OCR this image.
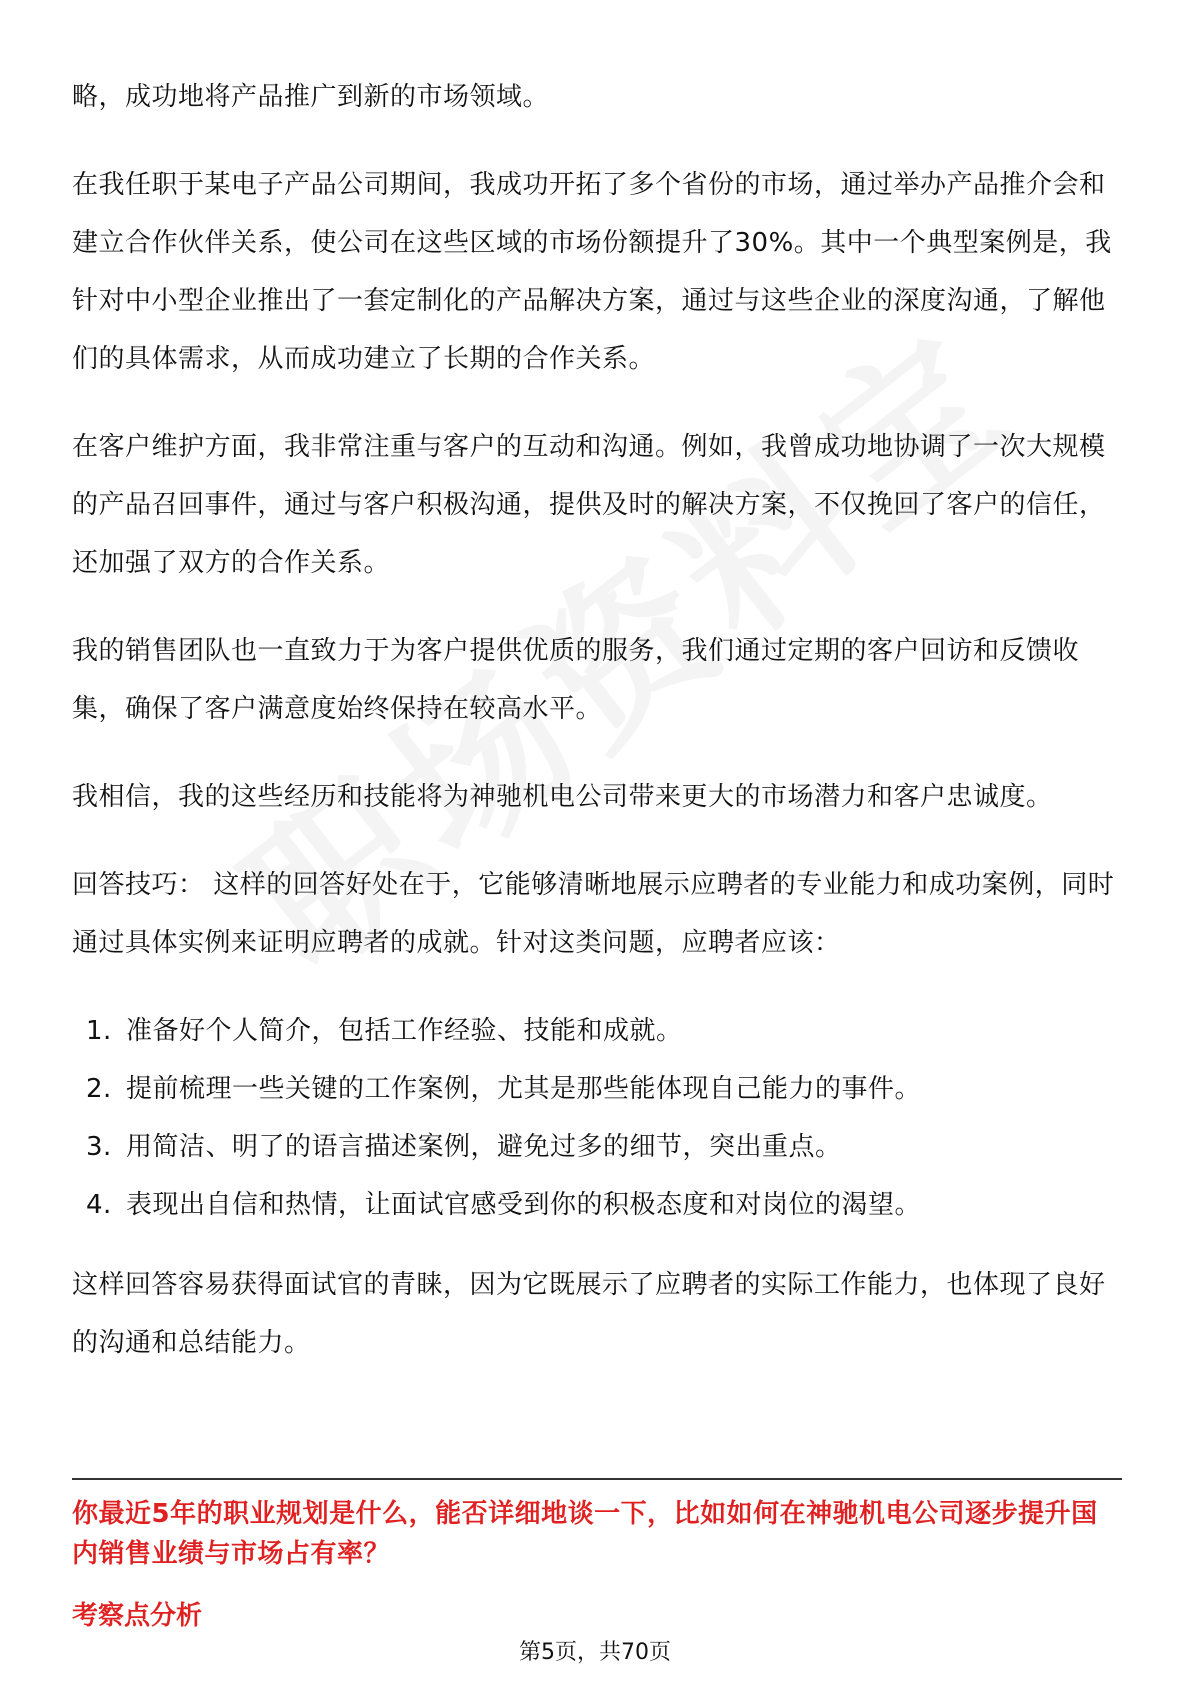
略，成功地将产品推广到新的市场领域。

在我任职于某电子产品公司期间，我成功开拓了多个省份的市场，通过举办产品推介会和建立合作伙伴关系，使公司在这些区域的市场份额提升了30%。其中一个典型案例是，我针对中小型企业推出了一套定制化的产品解决方案，通过与这些企业的深度沟通，了解他们的具体需求，从而成功建立了长期的合作关系。

在客户维护方面，我非常注重与客户的互动和沟通。例如，我曾成功地协调了一次大规模的产品召回事件，通过与客户积极沟通，提供及时的解决方案，不仅挽回了客户的信任，还加强了双方的合作关系。

我的销售团队也一直致力于为客户提供优质的服务，我们通过定期的客户回访和反馈收集，确保了客户满意度始终保持在较高水平。

我相信，我的这些经历和技能将为神驰机电公司带来更大的市场潜力和客户忠诚度。

回答技巧： 这样的回答好处在于，它能够清晰地展示应聘者的专业能力和成功案例，同时通过具体实例来证明应聘者的成就。针对这类问题，应聘者应该：

1. 准备好个人简介，包括工作经验、技能和成就。
2. 提前梳理一些关键的工作案例，尤其是那些能体现自己能力的事件。
3. 用简洁、明了的语言描述案例，避免过多的细节，突出重点。
4. 表现出自信和热情，让面试官感受到你的积极态度和对岗位的渴望。

这样回答容易获得面试官的青睐，因为它既展示了应聘者的实际工作能力，也体现了良好的沟通和总结能力。

你最近5年的职业规划是什么，能否详细地谈一下，比如如何在神驰机电公司逐步提升国内销售业绩与市场占有率？
考察点分析
第5页，共70页
